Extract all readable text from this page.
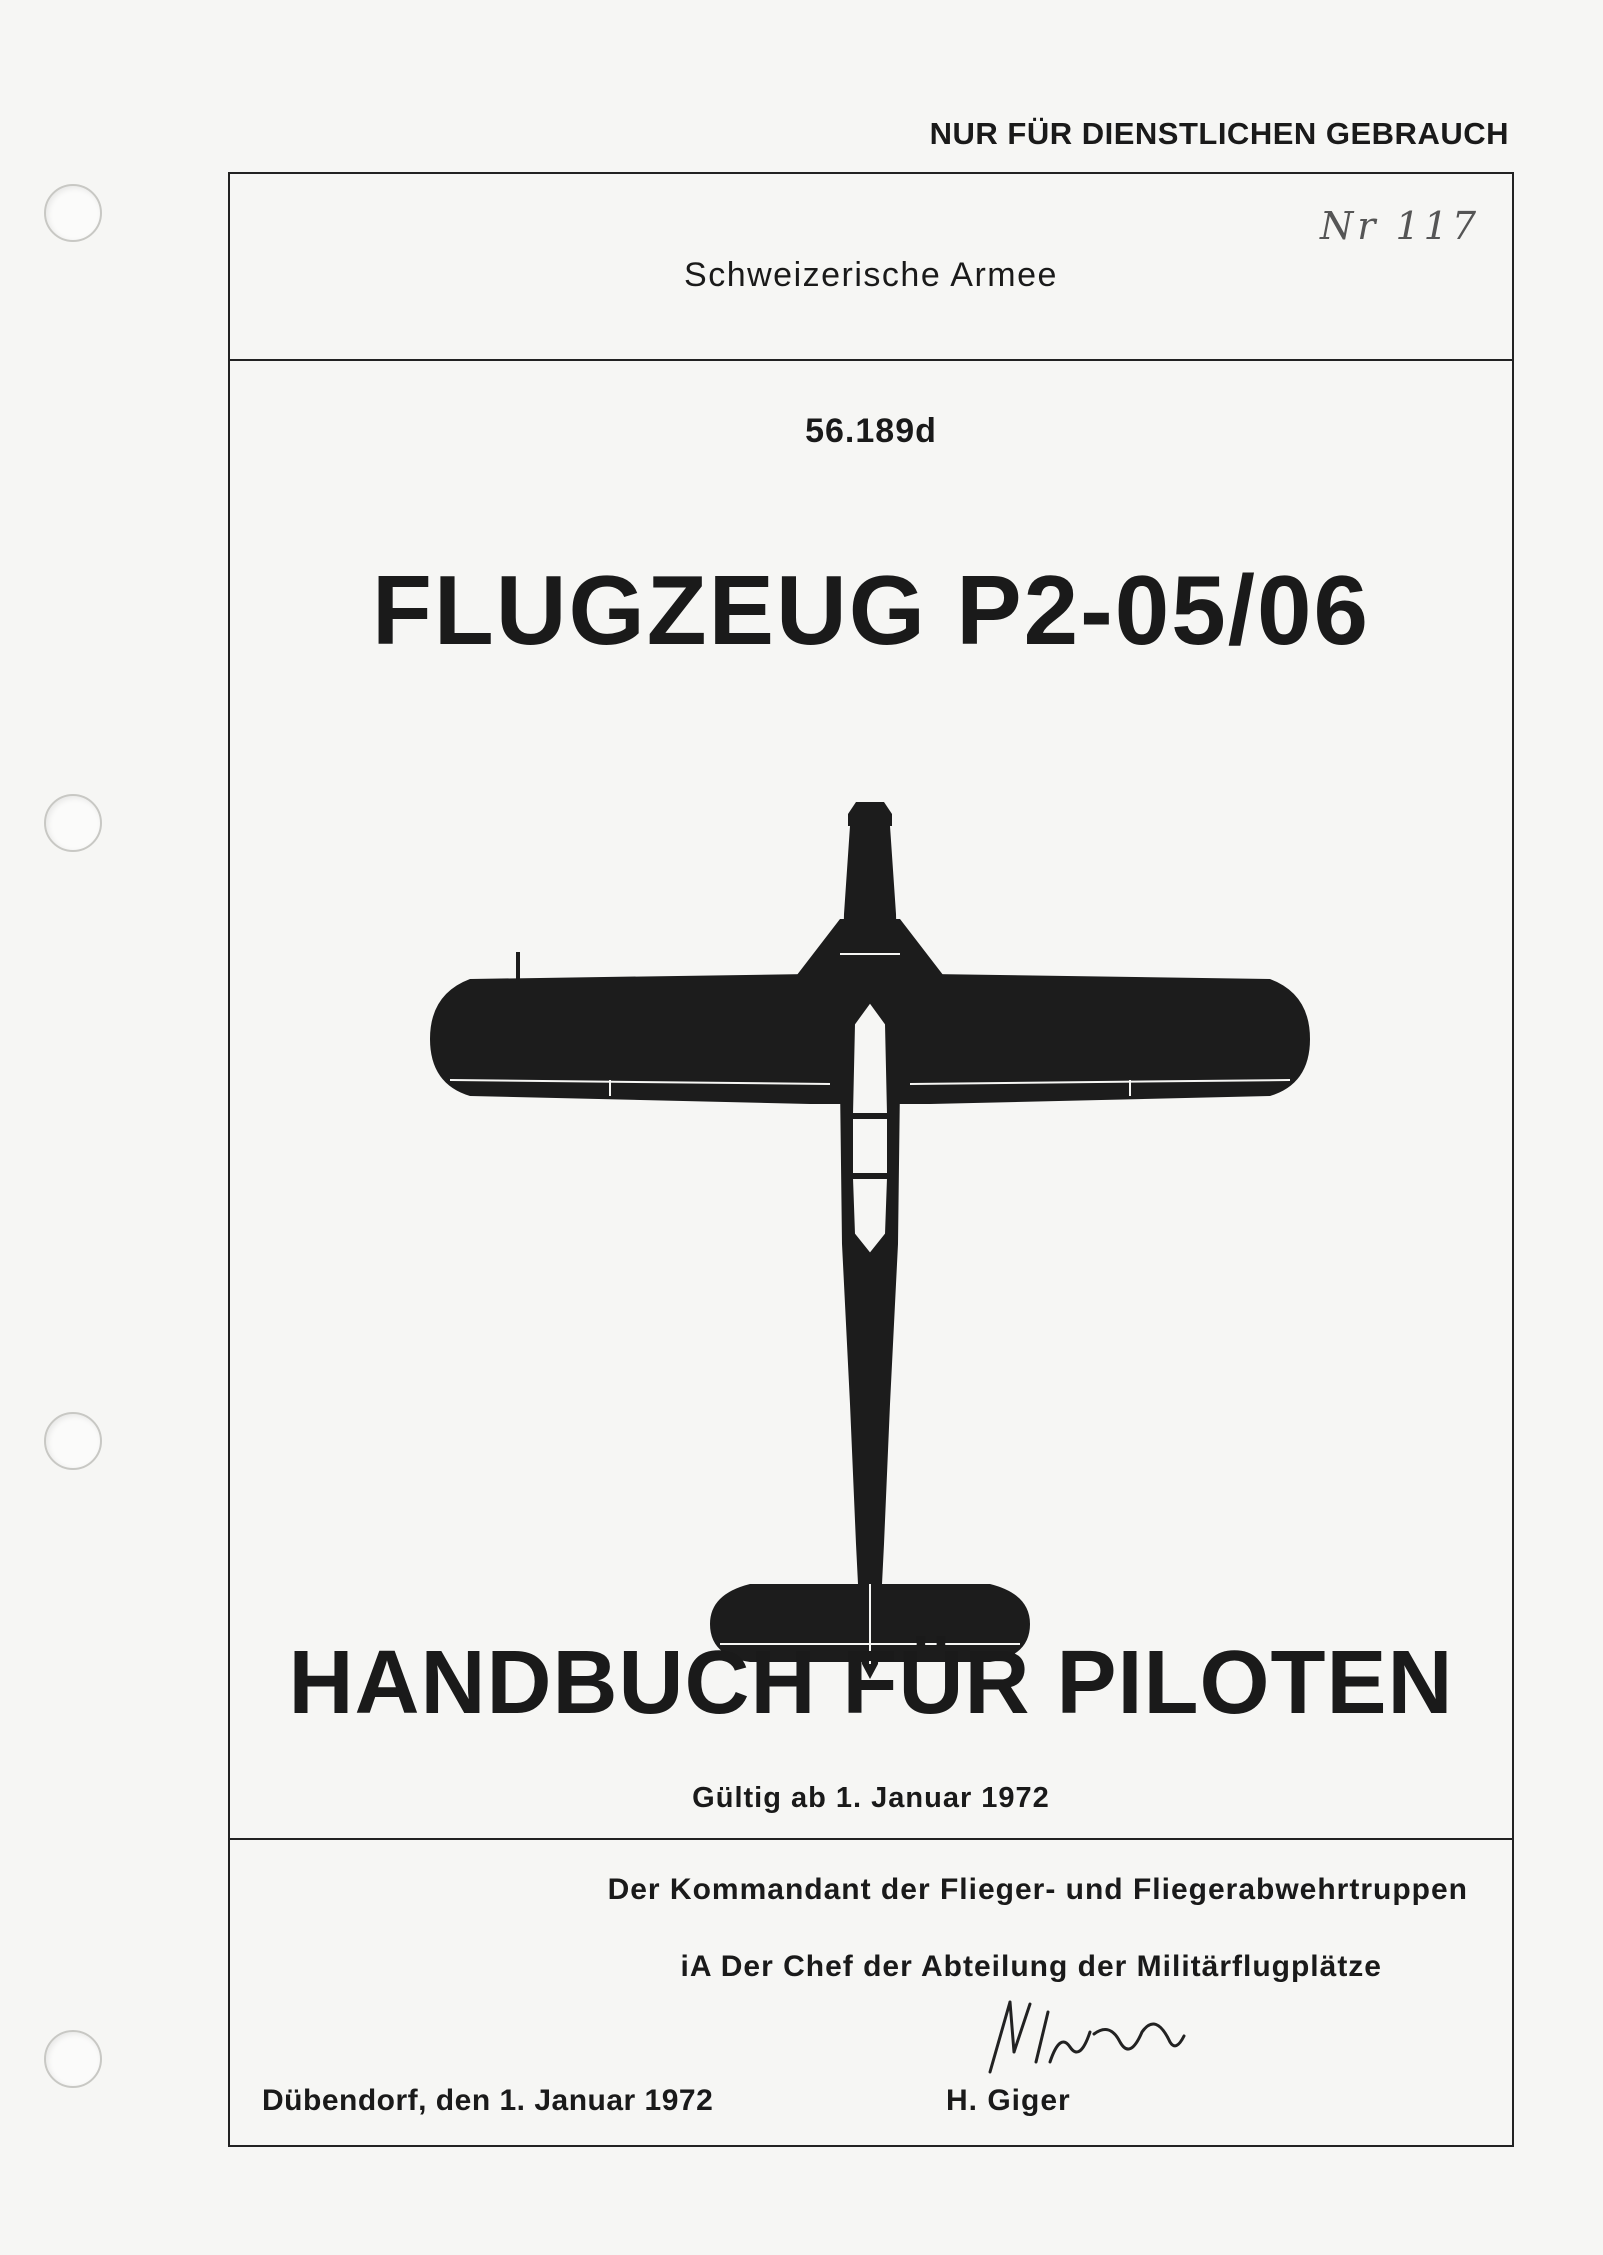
NUR FÜR DIENSTLICHEN GEBRAUCH
Nr 117
Schweizerische Armee
56.189d
FLUGZEUG P2-05/06
HANDBUCH FÜR PILOTEN
Gültig ab 1. Januar 1972
Der Kommandant der Flieger- und Fliegerabwehrtruppen
iA Der Chef der Abteilung der Militärflugplätze
Dübendorf, den 1. Januar 1972	H. Giger
